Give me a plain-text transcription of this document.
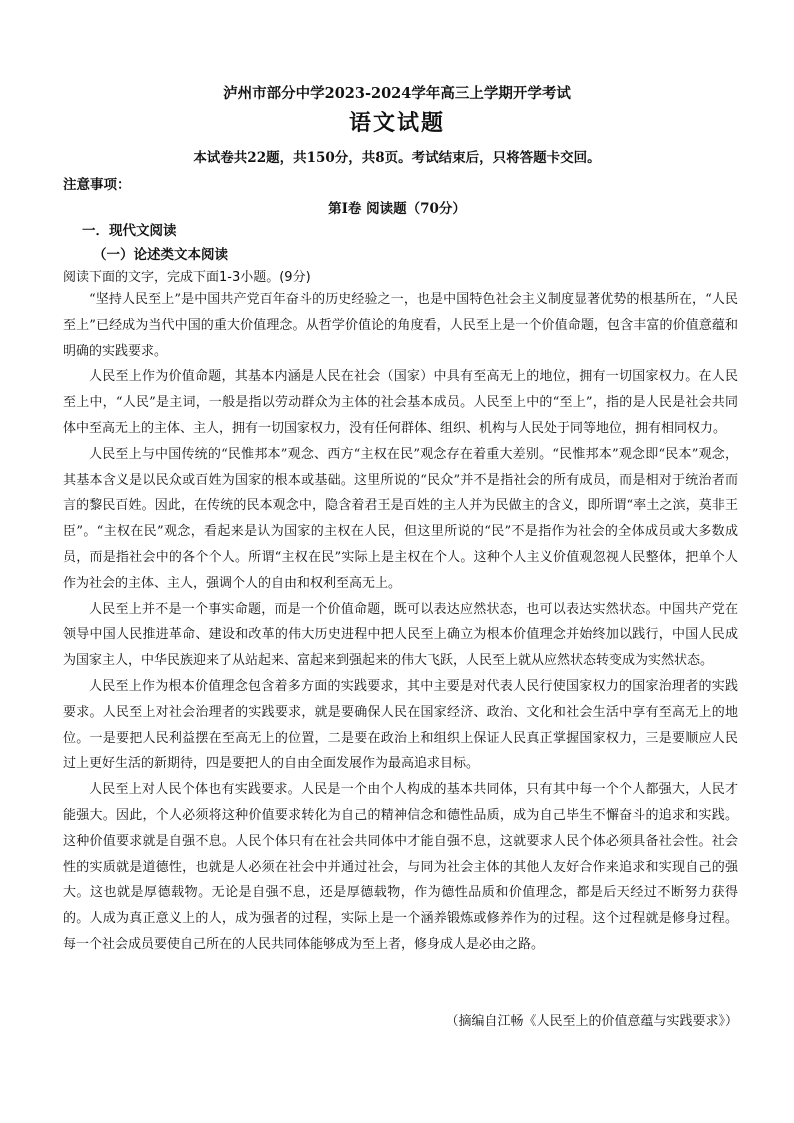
泸州市部分中学2023-2024学年高三上学期开学考试
语文试题
本试卷共22题，共150分，共8页。考试结束后，只将答题卡交回。
注意事项：
第Ⅰ卷 阅读题（70分）
一．现代文阅读
（一）论述类文本阅读
阅读下面的文字，完成下面1-3小题。(9分)

“坚持人民至上”是中国共产党百年奋斗的历史经验之一，也是中国特色社会主义制度显著优势的根基所在，“人民至上”已经成为当代中国的重大价值理念。从哲学价值论的角度看，人民至上是一个价值命题，包含丰富的价值意蕴和明确的实践要求。

人民至上作为价值命题，其基本内涵是人民在社会（国家）中具有至高无上的地位，拥有一切国家权力。在人民至上中，“人民”是主词，一般是指以劳动群众为主体的社会基本成员。人民至上中的“至上”，指的是人民是社会共同体中至高无上的主体、主人，拥有一切国家权力，没有任何群体、组织、机构与人民处于同等地位，拥有相同权力。

人民至上与中国传统的“民惟邦本”观念、西方“主权在民”观念存在着重大差别。“民惟邦本”观念即“民本”观念，其基本含义是以民众或百姓为国家的根本或基础。这里所说的“民众”并不是指社会的所有成员，而是相对于统治者而言的黎民百姓。因此，在传统的民本观念中，隐含着君王是百姓的主人并为民做主的含义，即所谓“率土之滨，莫非王臣”。“主权在民”观念，看起来是认为国家的主权在人民，但这里所说的“民”不是指作为社会的全体成员或大多数成员，而是指社会中的各个个人。所谓“主权在民”实际上是主权在个人。这种个人主义价值观忽视人民整体，把单个人作为社会的主体、主人，强调个人的自由和权利至高无上。

人民至上并不是一个事实命题，而是一个价值命题，既可以表达应然状态，也可以表达实然状态。中国共产党在领导中国人民推进革命、建设和改革的伟大历史进程中把人民至上确立为根本价值理念并始终加以践行，中国人民成为国家主人，中华民族迎来了从站起来、富起来到强起来的伟大飞跃，人民至上就从应然状态转变成为实然状态。

人民至上作为根本价值理念包含着多方面的实践要求，其中主要是对代表人民行使国家权力的国家治理者的实践要求。人民至上对社会治理者的实践要求，就是要确保人民在国家经济、政治、文化和社会生活中享有至高无上的地位。一是要把人民利益摆在至高无上的位置，二是要在政治上和组织上保证人民真正掌握国家权力，三是要顺应人民过上更好生活的新期待，四是要把人的自由全面发展作为最高追求目标。

人民至上对人民个体也有实践要求。人民是一个由个人构成的基本共同体，只有其中每一个个人都强大，人民才能强大。因此，个人必须将这种价值要求转化为自己的精神信念和德性品质，成为自己毕生不懈奋斗的追求和实践。这种价值要求就是自强不息。人民个体只有在社会共同体中才能自强不息，这就要求人民个体必须具备社会性。社会性的实质就是道德性，也就是人必须在社会中并通过社会，与同为社会主体的其他人友好合作来追求和实现自己的强大。这也就是厚德载物。无论是自强不息，还是厚德载物，作为德性品质和价值理念，都是后天经过不断努力获得的。人成为真正意义上的人，成为强者的过程，实际上是一个涵养锻炼或修养作为的过程。这个过程就是修身过程。每一个社会成员要使自己所在的人民共同体能够成为至上者，修身成人是必由之路。

（摘编自江畅《人民至上的价值意蕴与实践要求》）
